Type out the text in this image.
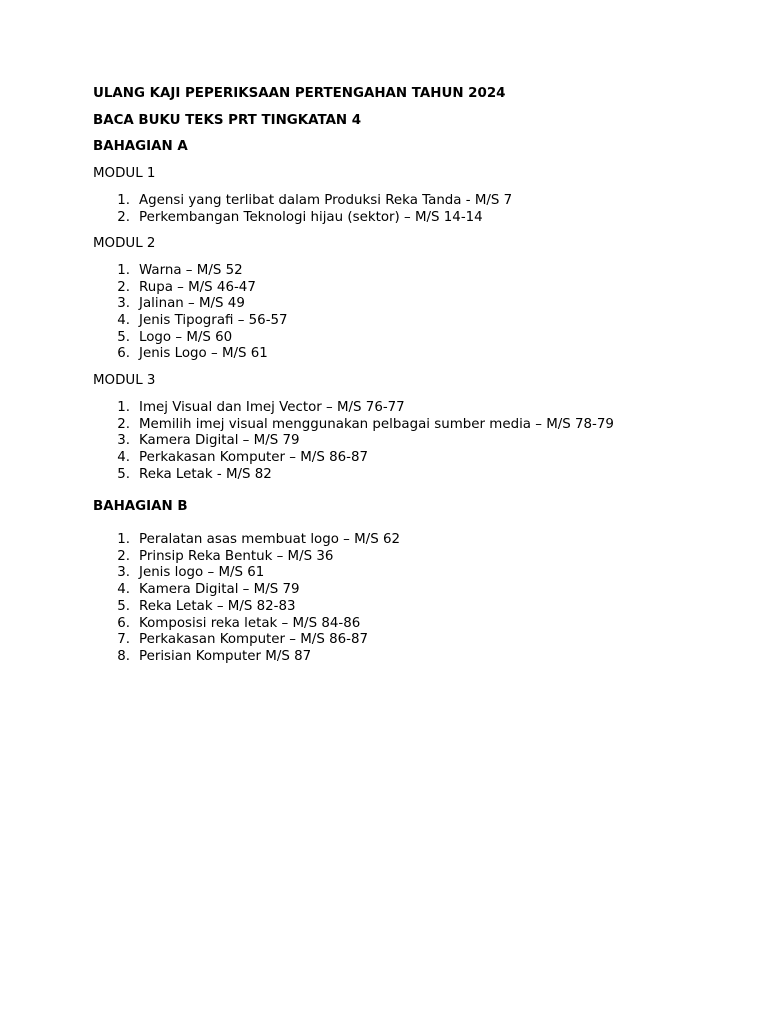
ULANG KAJI PEPERIKSAAN PERTENGAHAN TAHUN 2024
BACA BUKU TEKS PRT TINGKATAN 4
BAHAGIAN A
MODUL 1
1. Agensi yang terlibat dalam Produksi Reka Tanda - M/S 7
2. Perkembangan Teknologi hijau (sektor) – M/S 14-14
MODUL 2
1. Warna – M/S 52
2. Rupa – M/S 46-47
3. Jalinan – M/S 49
4. Jenis Tipografi – 56-57
5. Logo – M/S 60
6. Jenis Logo – M/S 61
MODUL 3
1. Imej Visual dan Imej Vector – M/S 76-77
2. Memilih imej visual menggunakan pelbagai sumber media – M/S 78-79
3. Kamera Digital – M/S 79
4. Perkakasan Komputer – M/S 86-87
5. Reka Letak - M/S 82
BAHAGIAN B
1. Peralatan asas membuat logo – M/S 62
2. Prinsip Reka Bentuk – M/S 36
3. Jenis logo – M/S 61
4. Kamera Digital – M/S 79
5. Reka Letak – M/S 82-83
6. Komposisi reka letak – M/S 84-86
7. Perkakasan Komputer – M/S 86-87
8. Perisian Komputer M/S 87
